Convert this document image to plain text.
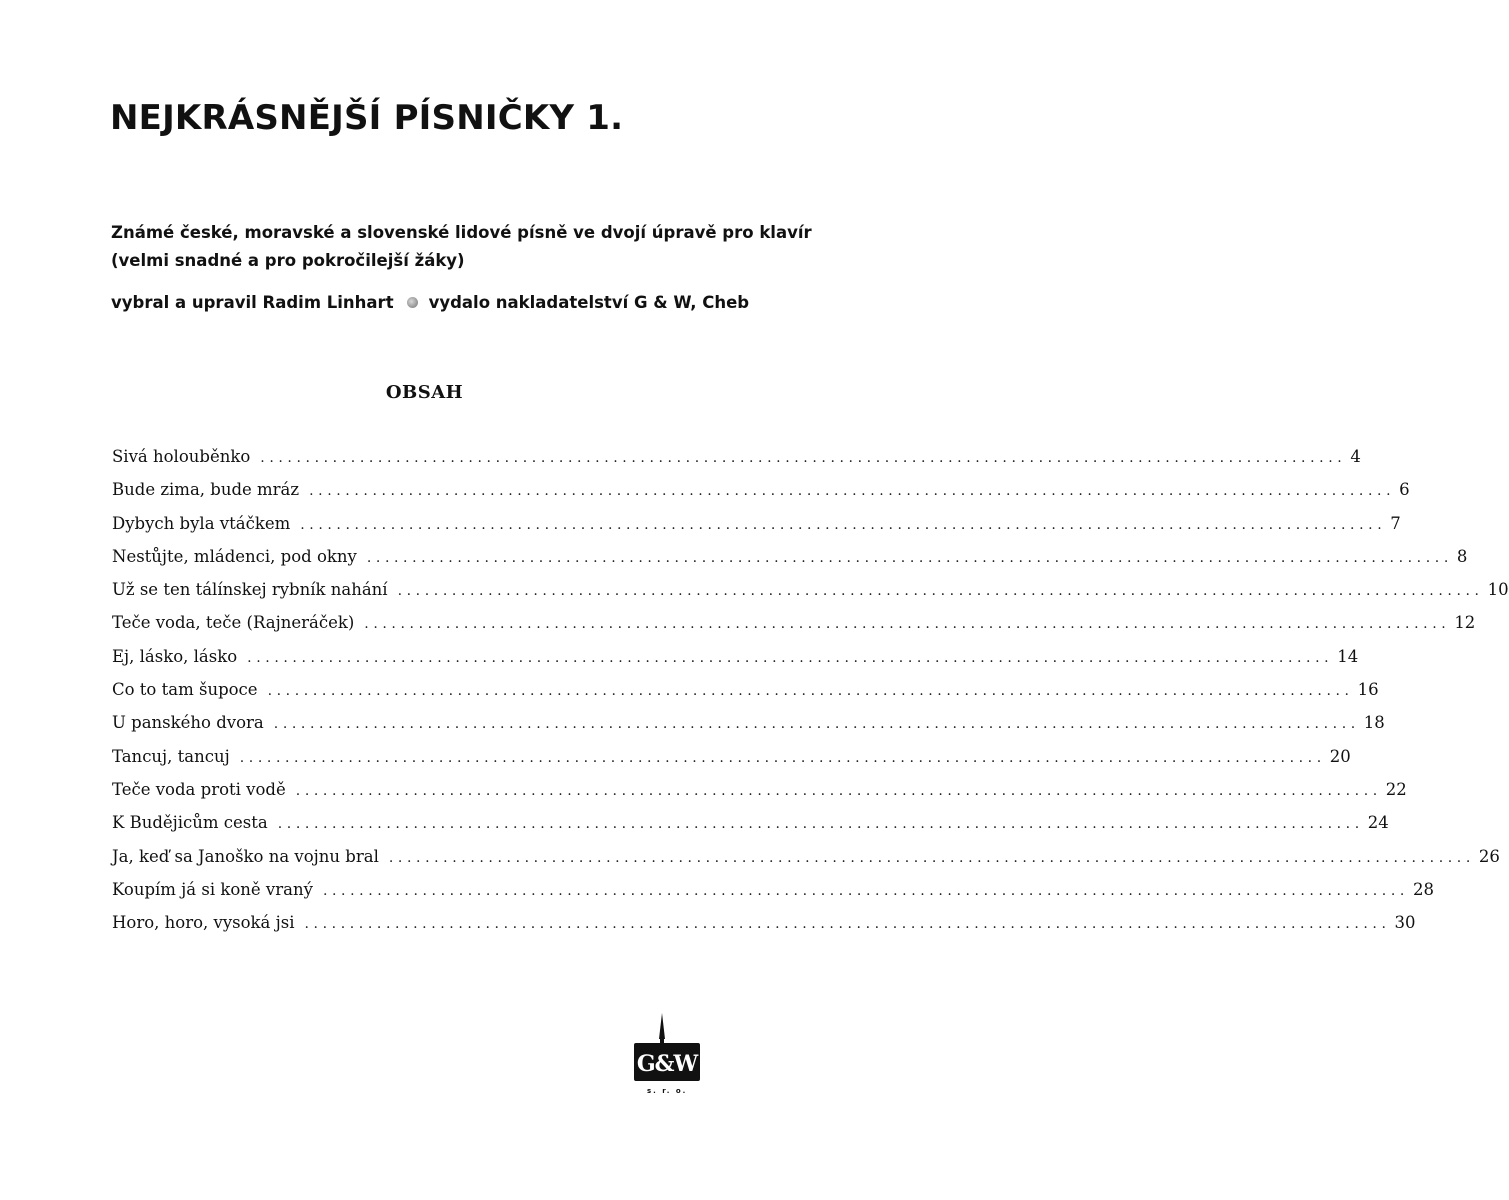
NEJKRÁSNĚJŠÍ PÍSNIČKY 1.
Známé české, moravské a slovenské lidové písně ve dvojí úpravě pro klavír
(velmi snadné a pro pokročilejší žáky)
vybral a upravil Radim Linhart vydalo nakladatelství G & W, Cheb
OBSAH
Sivá holouběnko ........................................................................................................................ 4
Bude zima, bude mráz ........................................................................................................................ 6
Dybych byla vtáčkem ........................................................................................................................ 7
Nestůjte, mládenci, pod okny ........................................................................................................................ 8
Už se ten tálínskej rybník nahání ........................................................................................................................ 10
Teče voda, teče (Rajneráček) ........................................................................................................................ 12
Ej, lásko, lásko ........................................................................................................................ 14
Co to tam šupoce ........................................................................................................................ 16
U panského dvora ........................................................................................................................ 18
Tancuj, tancuj ........................................................................................................................ 20
Teče voda proti vodě ........................................................................................................................ 22
K Budějicům cesta ........................................................................................................................ 24
Ja, keď sa Janoško na vojnu bral ........................................................................................................................ 26
Koupím já si koně vraný ........................................................................................................................ 28
Horo, horo, vysoká jsi ........................................................................................................................ 30
G&W
s. r. o.
